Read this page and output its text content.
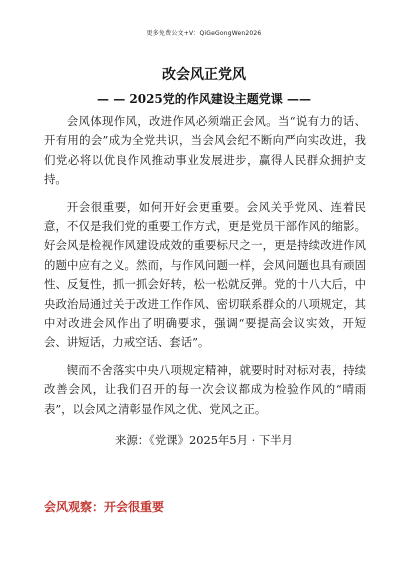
更多免费公文+V：QiGeGongWen2026
改会风正党风
— — 2025党的作风建设主题党课 ——

会风体现作风，改进作风必须端正会风。当“说有力的话、开有用的会”成为全党共识，当会风会纪不断向严向实改进，我们党必将以优良作风推动事业发展进步，赢得人民群众拥护支持。

开会很重要，如何开好会更重要。会风关乎党风、连着民意，不仅是我们党的重要工作方式，更是党员干部作风的缩影。好会风是检视作风建设成效的重要标尺之一，更是持续改进作风的题中应有之义。然而，与作风问题一样，会风问题也具有顽固性、反复性，抓一抓会好转，松一松就反弹。党的十八大后，中央政治局通过关于改进工作作风、密切联系群众的八项规定，其中对改进会风作出了明确要求，强调“要提高会议实效，开短会、讲短话，力戒空话、套话”。

锲而不舍落实中央八项规定精神，就要时时对标对表，持续改善会风，让我们召开的每一次会议都成为检验作风的“晴雨表”，以会风之清彰显作风之优、党风之正。

来源：《党课》2025年5月 · 下半月
会风观察：开会很重要
